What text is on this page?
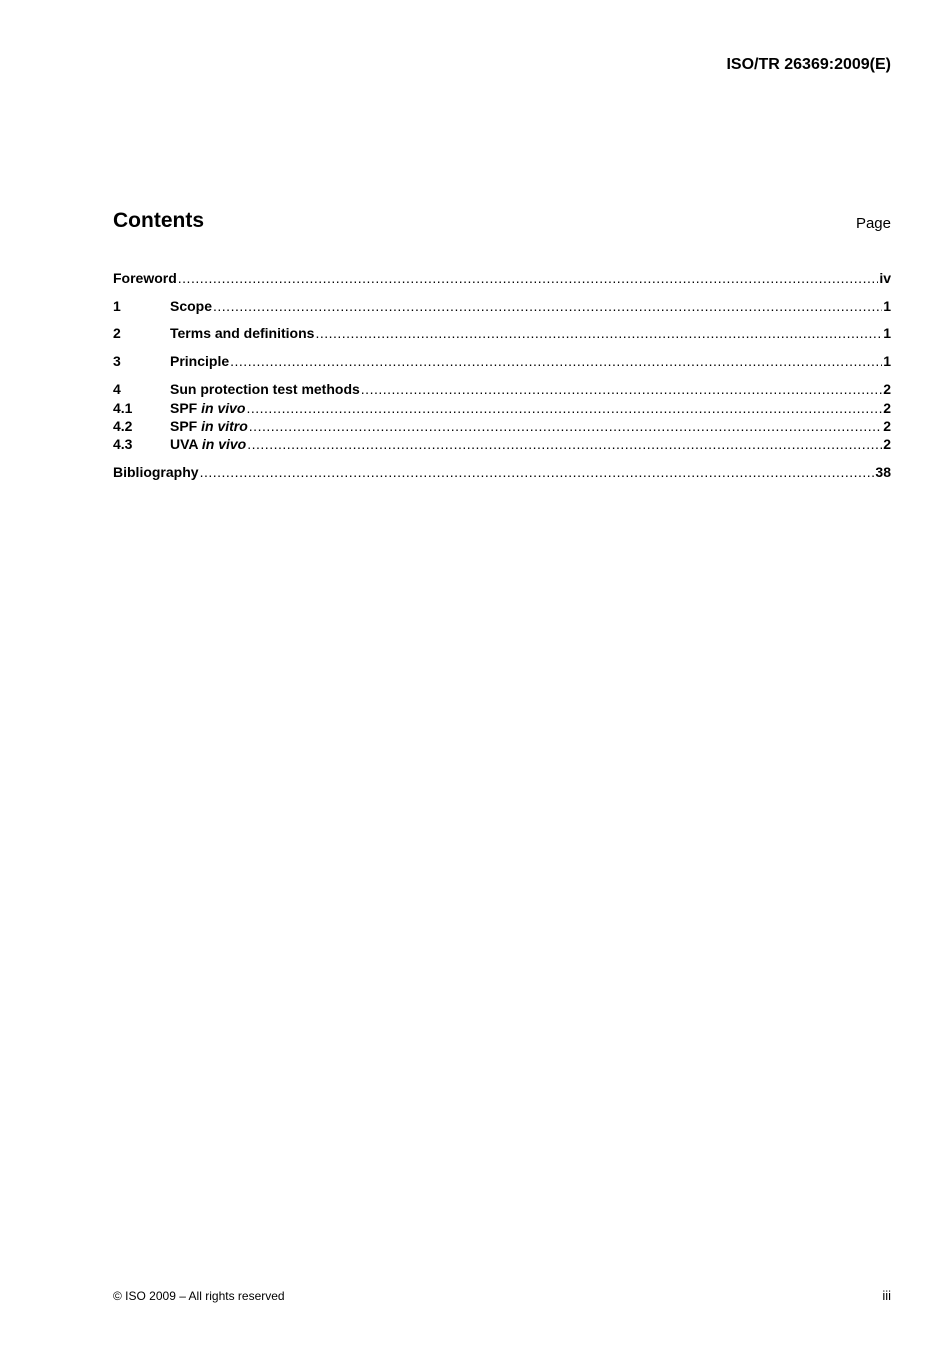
ISO/TR 26369:2009(E)
Contents	Page
Foreword .....	iv
1	Scope .....	1
2	Terms and definitions .....	1
3	Principle .....	1
4	Sun protection test methods .....	2
4.1	SPF in vivo .....	2
4.2	SPF in vitro .....	2
4.3	UVA in vivo .....	2
Bibliography .....	38
© ISO 2009 – All rights reserved	iii
